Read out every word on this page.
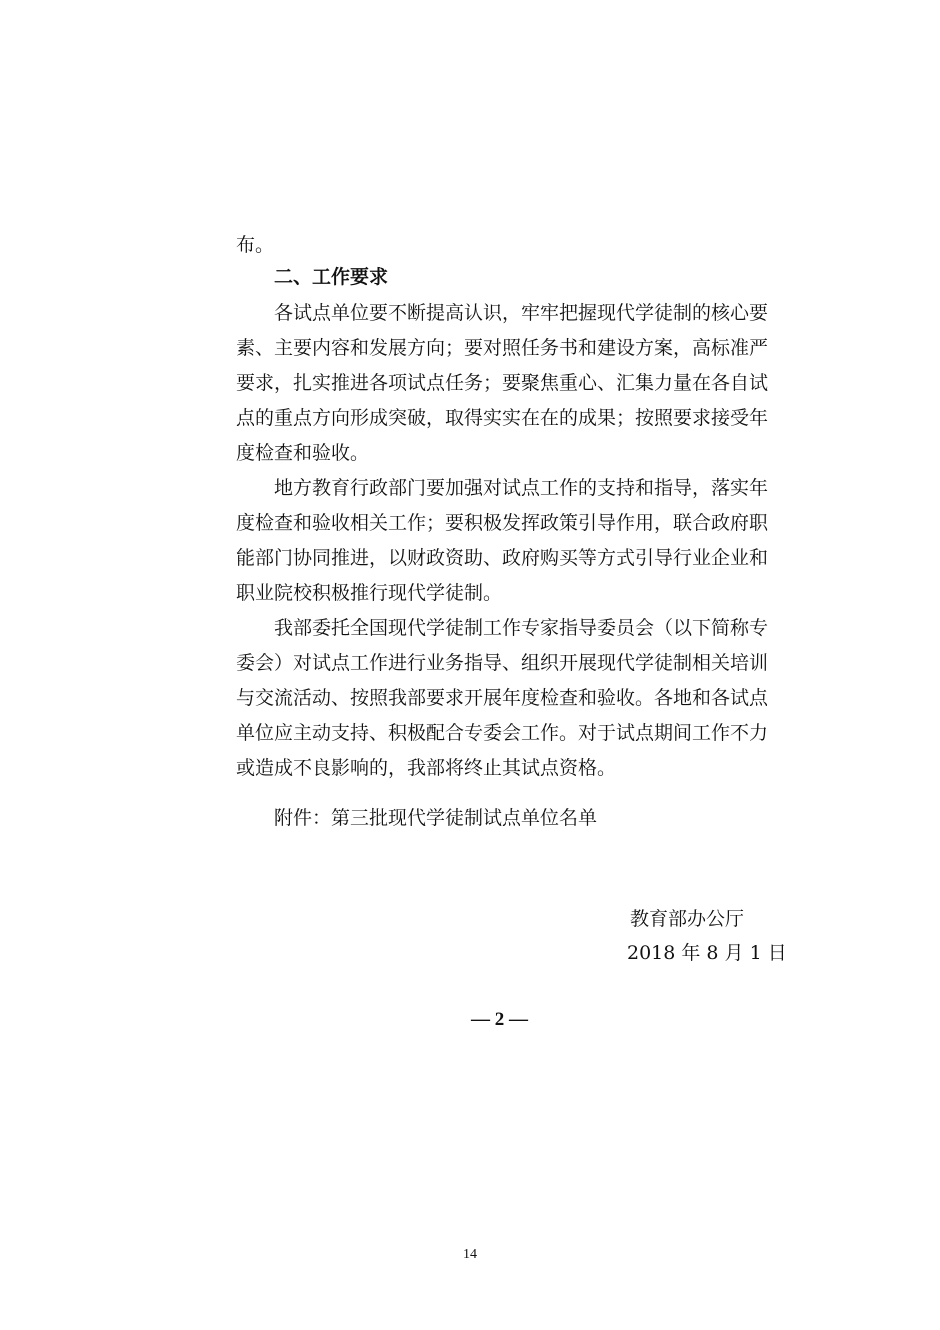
布。
二、工作要求
各试点单位要不断提高认识，牢牢把握现代学徒制的核心要
素、主要内容和发展方向；要对照任务书和建设方案，高标准严
要求，扎实推进各项试点任务；要聚焦重心、汇集力量在各自试
点的重点方向形成突破，取得实实在在的成果；按照要求接受年
度检查和验收。
地方教育行政部门要加强对试点工作的支持和指导，落实年
度检查和验收相关工作；要积极发挥政策引导作用，联合政府职
能部门协同推进，以财政资助、政府购买等方式引导行业企业和
职业院校积极推行现代学徒制。
我部委托全国现代学徒制工作专家指导委员会（以下简称专
委会）对试点工作进行业务指导、组织开展现代学徒制相关培训
与交流活动、按照我部要求开展年度检查和验收。各地和各试点
单位应主动支持、积极配合专委会工作。对于试点期间工作不力
或造成不良影响的，我部将终止其试点资格。
附件：第三批现代学徒制试点单位名单
教育部办公厅
2018 年 8 月 1 日
— 2 —
14
